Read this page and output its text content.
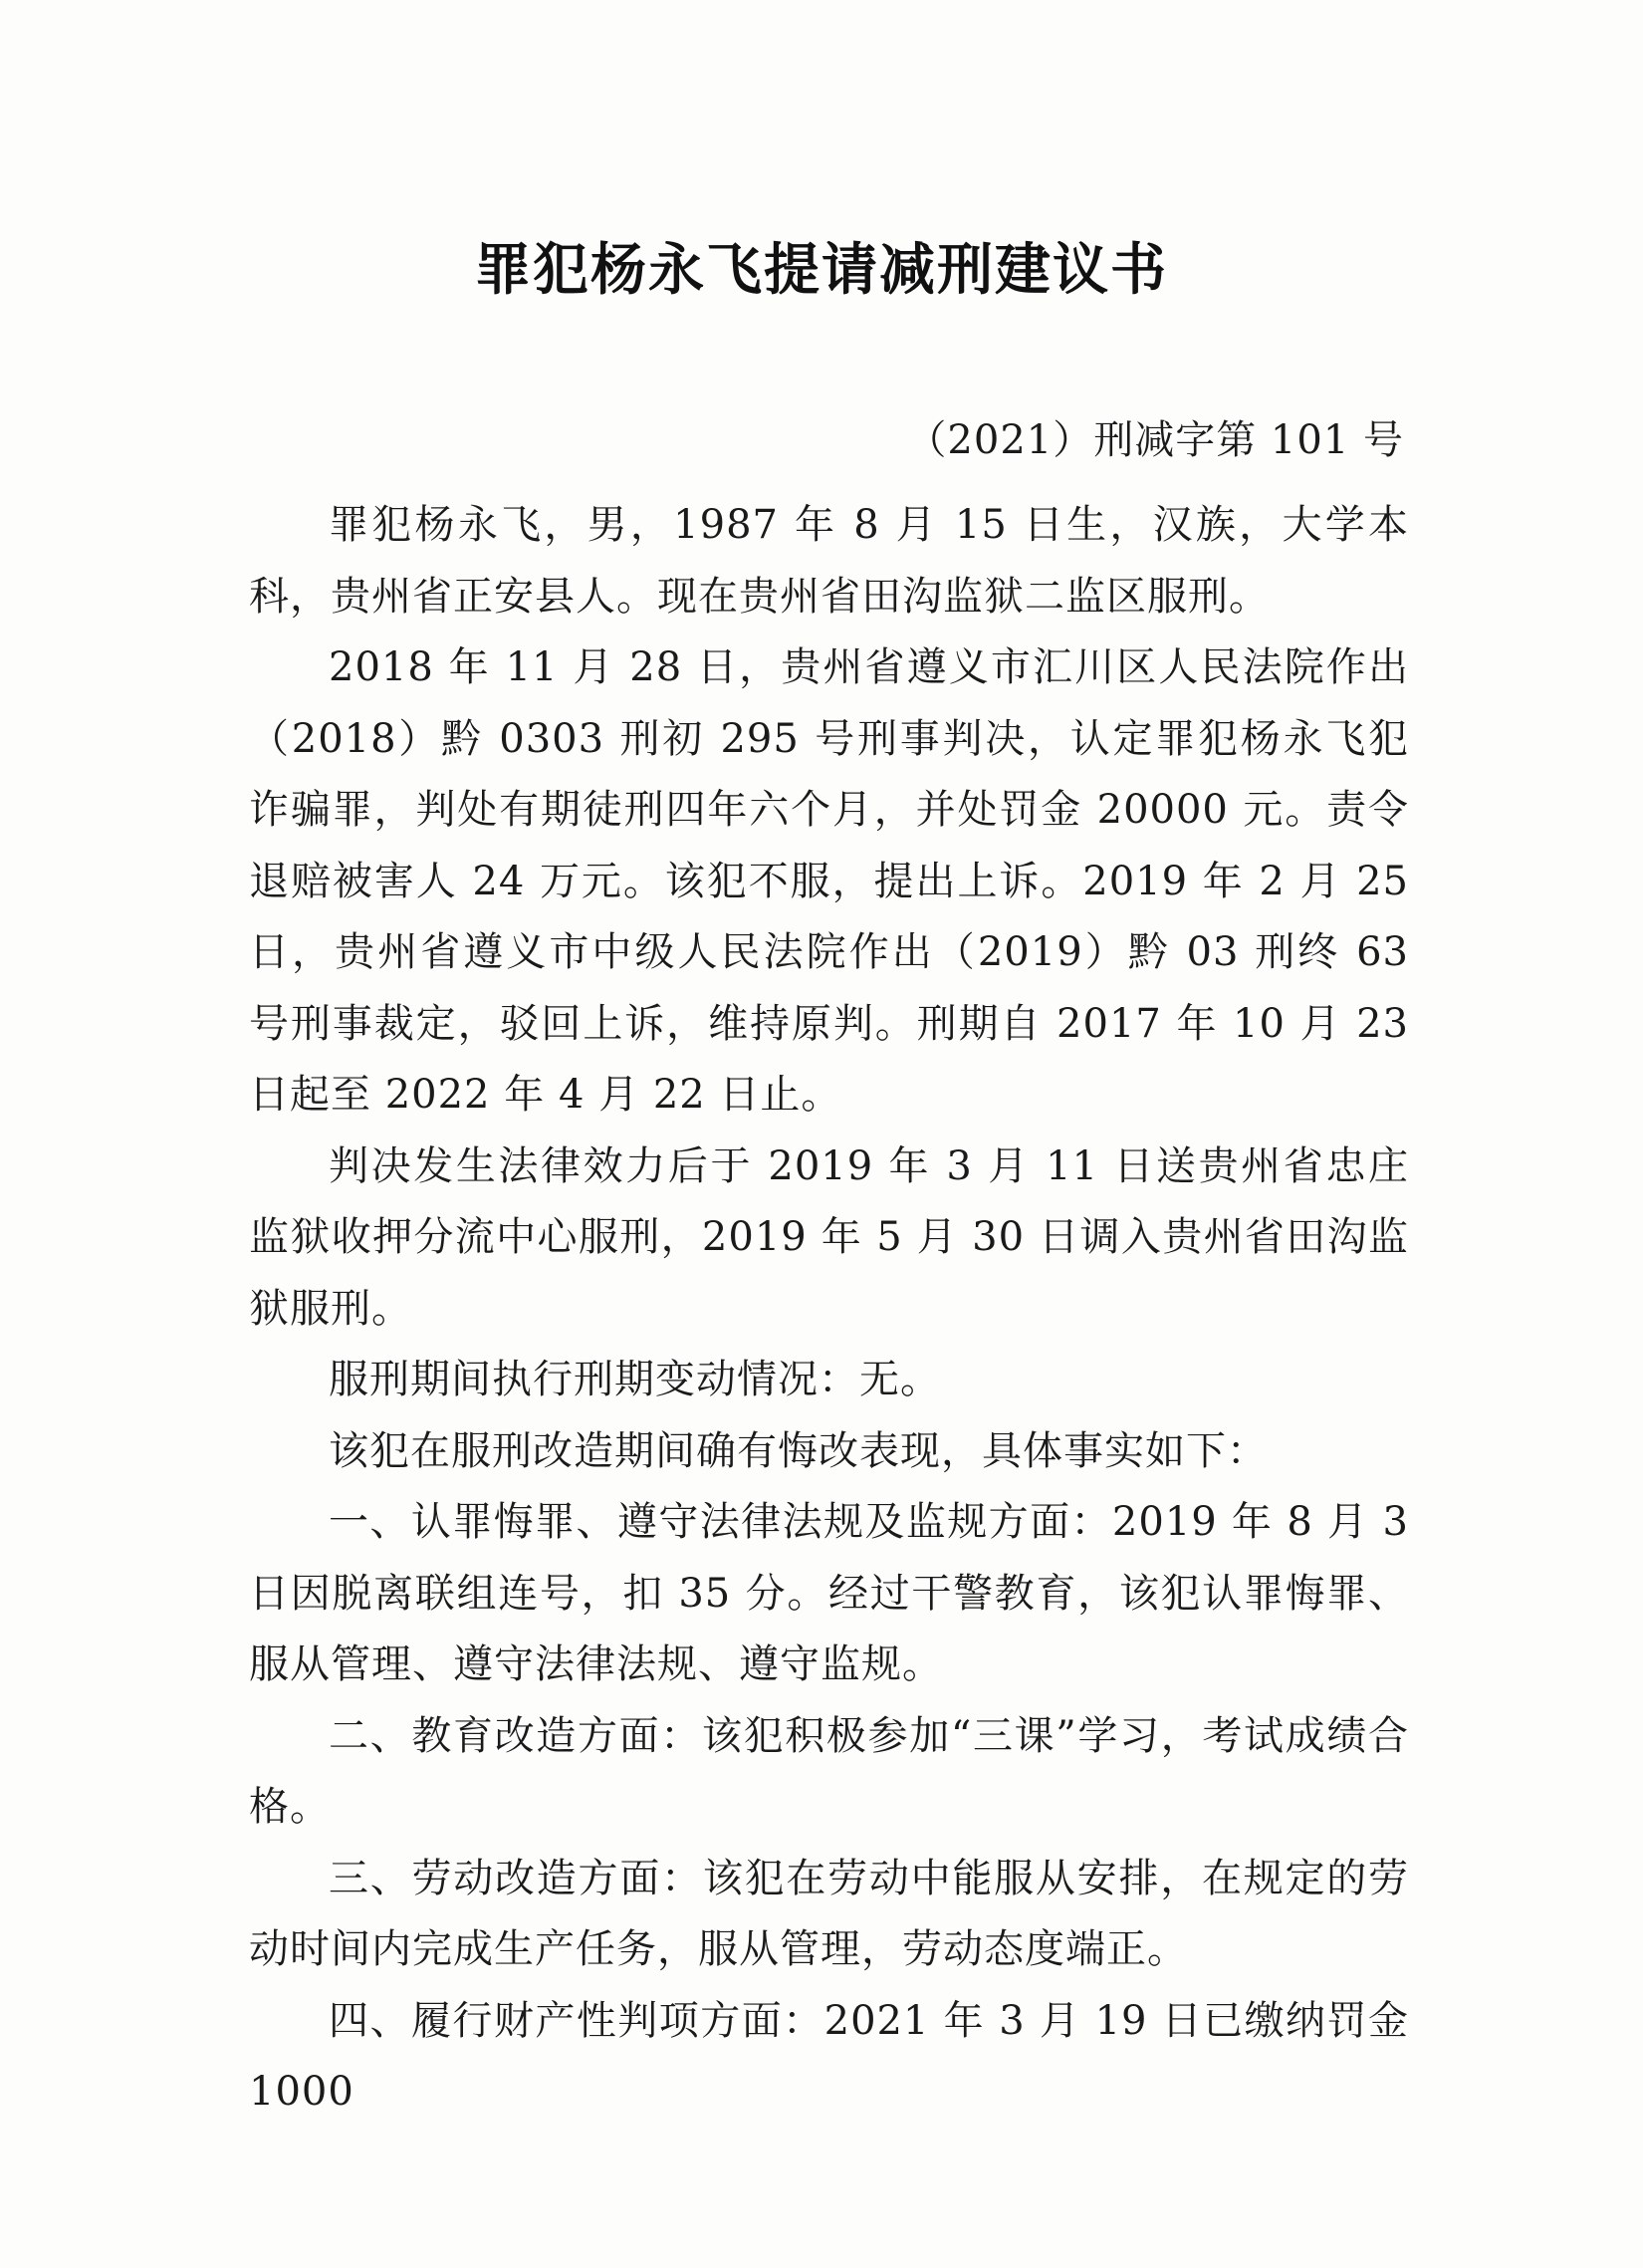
罪犯杨永飞提请减刑建议书
（2021）刑减字第 101 号

罪犯杨永飞，男，1987 年 8 月 15 日生，汉族，大学本科，贵州省正安县人。现在贵州省田沟监狱二监区服刑。

2018 年 11 月 28 日，贵州省遵义市汇川区人民法院作出（2018）黔 0303 刑初 295 号刑事判决，认定罪犯杨永飞犯诈骗罪，判处有期徒刑四年六个月，并处罚金 20000 元。责令退赔被害人 24 万元。该犯不服，提出上诉。2019 年 2 月 25 日，贵州省遵义市中级人民法院作出（2019）黔 03 刑终 63 号刑事裁定，驳回上诉，维持原判。刑期自 2017 年 10 月 23 日起至 2022 年 4 月 22 日止。

判决发生法律效力后于 2019 年 3 月 11 日送贵州省忠庄监狱收押分流中心服刑，2019 年 5 月 30 日调入贵州省田沟监狱服刑。

服刑期间执行刑期变动情况：无。

该犯在服刑改造期间确有悔改表现，具体事实如下：

一、认罪悔罪、遵守法律法规及监规方面：2019 年 8 月 3 日因脱离联组连号，扣 35 分。经过干警教育，该犯认罪悔罪、服从管理、遵守法律法规、遵守监规。

二、教育改造方面：该犯积极参加“三课”学习，考试成绩合格。

三、劳动改造方面：该犯在劳动中能服从安排，在规定的劳动时间内完成生产任务，服从管理，劳动态度端正。

四、履行财产性判项方面：2021 年 3 月 19 日已缴纳罚金 1000
